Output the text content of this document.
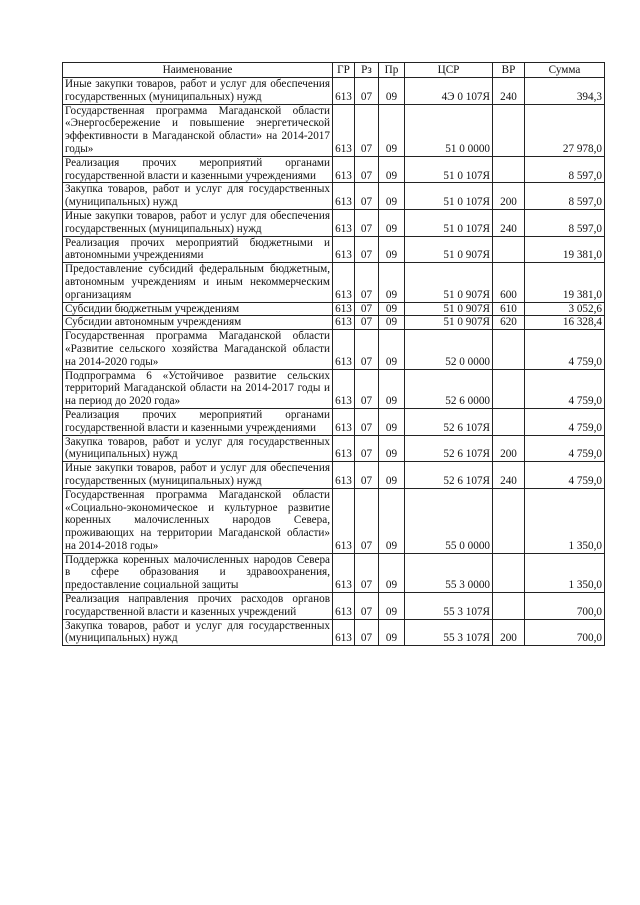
Наименование	ГР	Рз	Пр	ЦСР	ВР	Сумма
Иные закупки товаров, работ и услуг для обеспечения государственных (муниципальных) нужд	613	07	09	4Э 0 107Я	240	394,3
Государственная программа Магаданской области «Энергосбережение и повышение энергетической эффективности в Магаданской области» на 2014-2017 годы»	613	07	09	51 0 0000		27 978,0
Реализация прочих мероприятий органами государственной власти и казенными учреждениями	613	07	09	51 0 107Я		8 597,0
Закупка товаров, работ и услуг для государственных (муниципальных) нужд	613	07	09	51 0 107Я	200	8 597,0
Иные закупки товаров, работ и услуг для обеспечения государственных (муниципальных) нужд	613	07	09	51 0 107Я	240	8 597,0
Реализация прочих мероприятий бюджетными и автономными учреждениями	613	07	09	51 0 907Я		19 381,0
Предоставление субсидий федеральным бюджетным, автономным учреждениям и иным некоммерческим организациям	613	07	09	51 0 907Я	600	19 381,0
Субсидии бюджетным учреждениям	613	07	09	51 0 907Я	610	3 052,6
Субсидии автономным учреждениям	613	07	09	51 0 907Я	620	16 328,4
Государственная программа Магаданской области «Развитие сельского хозяйства Магаданской области на 2014-2020 годы»	613	07	09	52 0 0000		4 759,0
Подпрограмма 6 «Устойчивое развитие сельских территорий Магаданской области на 2014-2017 годы и на период до 2020 года»	613	07	09	52 6 0000		4 759,0
Реализация прочих мероприятий органами государственной власти и казенными учреждениями	613	07	09	52 6 107Я		4 759,0
Закупка товаров, работ и услуг для государственных (муниципальных) нужд	613	07	09	52 6 107Я	200	4 759,0
Иные закупки товаров, работ и услуг для обеспечения государственных (муниципальных) нужд	613	07	09	52 6 107Я	240	4 759,0
Государственная программа Магаданской области «Социально-экономическое и культурное развитие коренных малочисленных народов Севера, проживающих на территории Магаданской области» на 2014-2018 годы»	613	07	09	55 0 0000		1 350,0
Поддержка коренных малочисленных народов Севера в сфере образования и здравоохранения, предоставление социальной защиты	613	07	09	55 3 0000		1 350,0
Реализация направления прочих расходов органов государственной власти и казенных учреждений	613	07	09	55 3 107Я		700,0
Закупка товаров, работ и услуг для государственных (муниципальных) нужд	613	07	09	55 3 107Я	200	700,0
